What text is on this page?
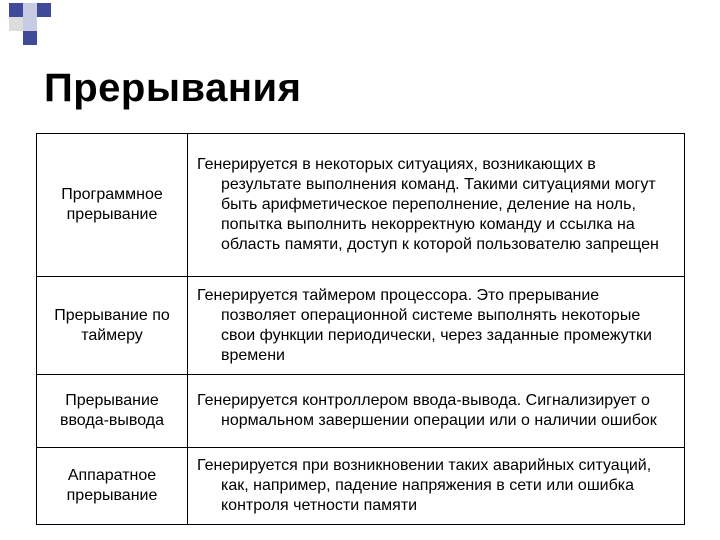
Прерывания
Программное прерывание	Генерируется в некоторых ситуациях, возникающих в результате выполнения команд. Такими ситуациями могут быть арифметическое переполнение, деление на ноль, попытка выполнить некорректную команду и ссылка на область памяти, доступ к которой пользователю запрещен

Прерывание по таймеру	Генерируется таймером процессора. Это прерывание позволяет операционной системе выполнять некоторые свои функции периодически, через заданные промежутки времени

Прерывание ввода-вывода	Генерируется контроллером ввода-вывода. Сигнализирует о нормальном завершении операции или о наличии ошибок

Аппаратное прерывание	Генерируется при возникновении таких аварийных ситуаций, как, например, падение напряжения в сети или ошибка контроля четности памяти
